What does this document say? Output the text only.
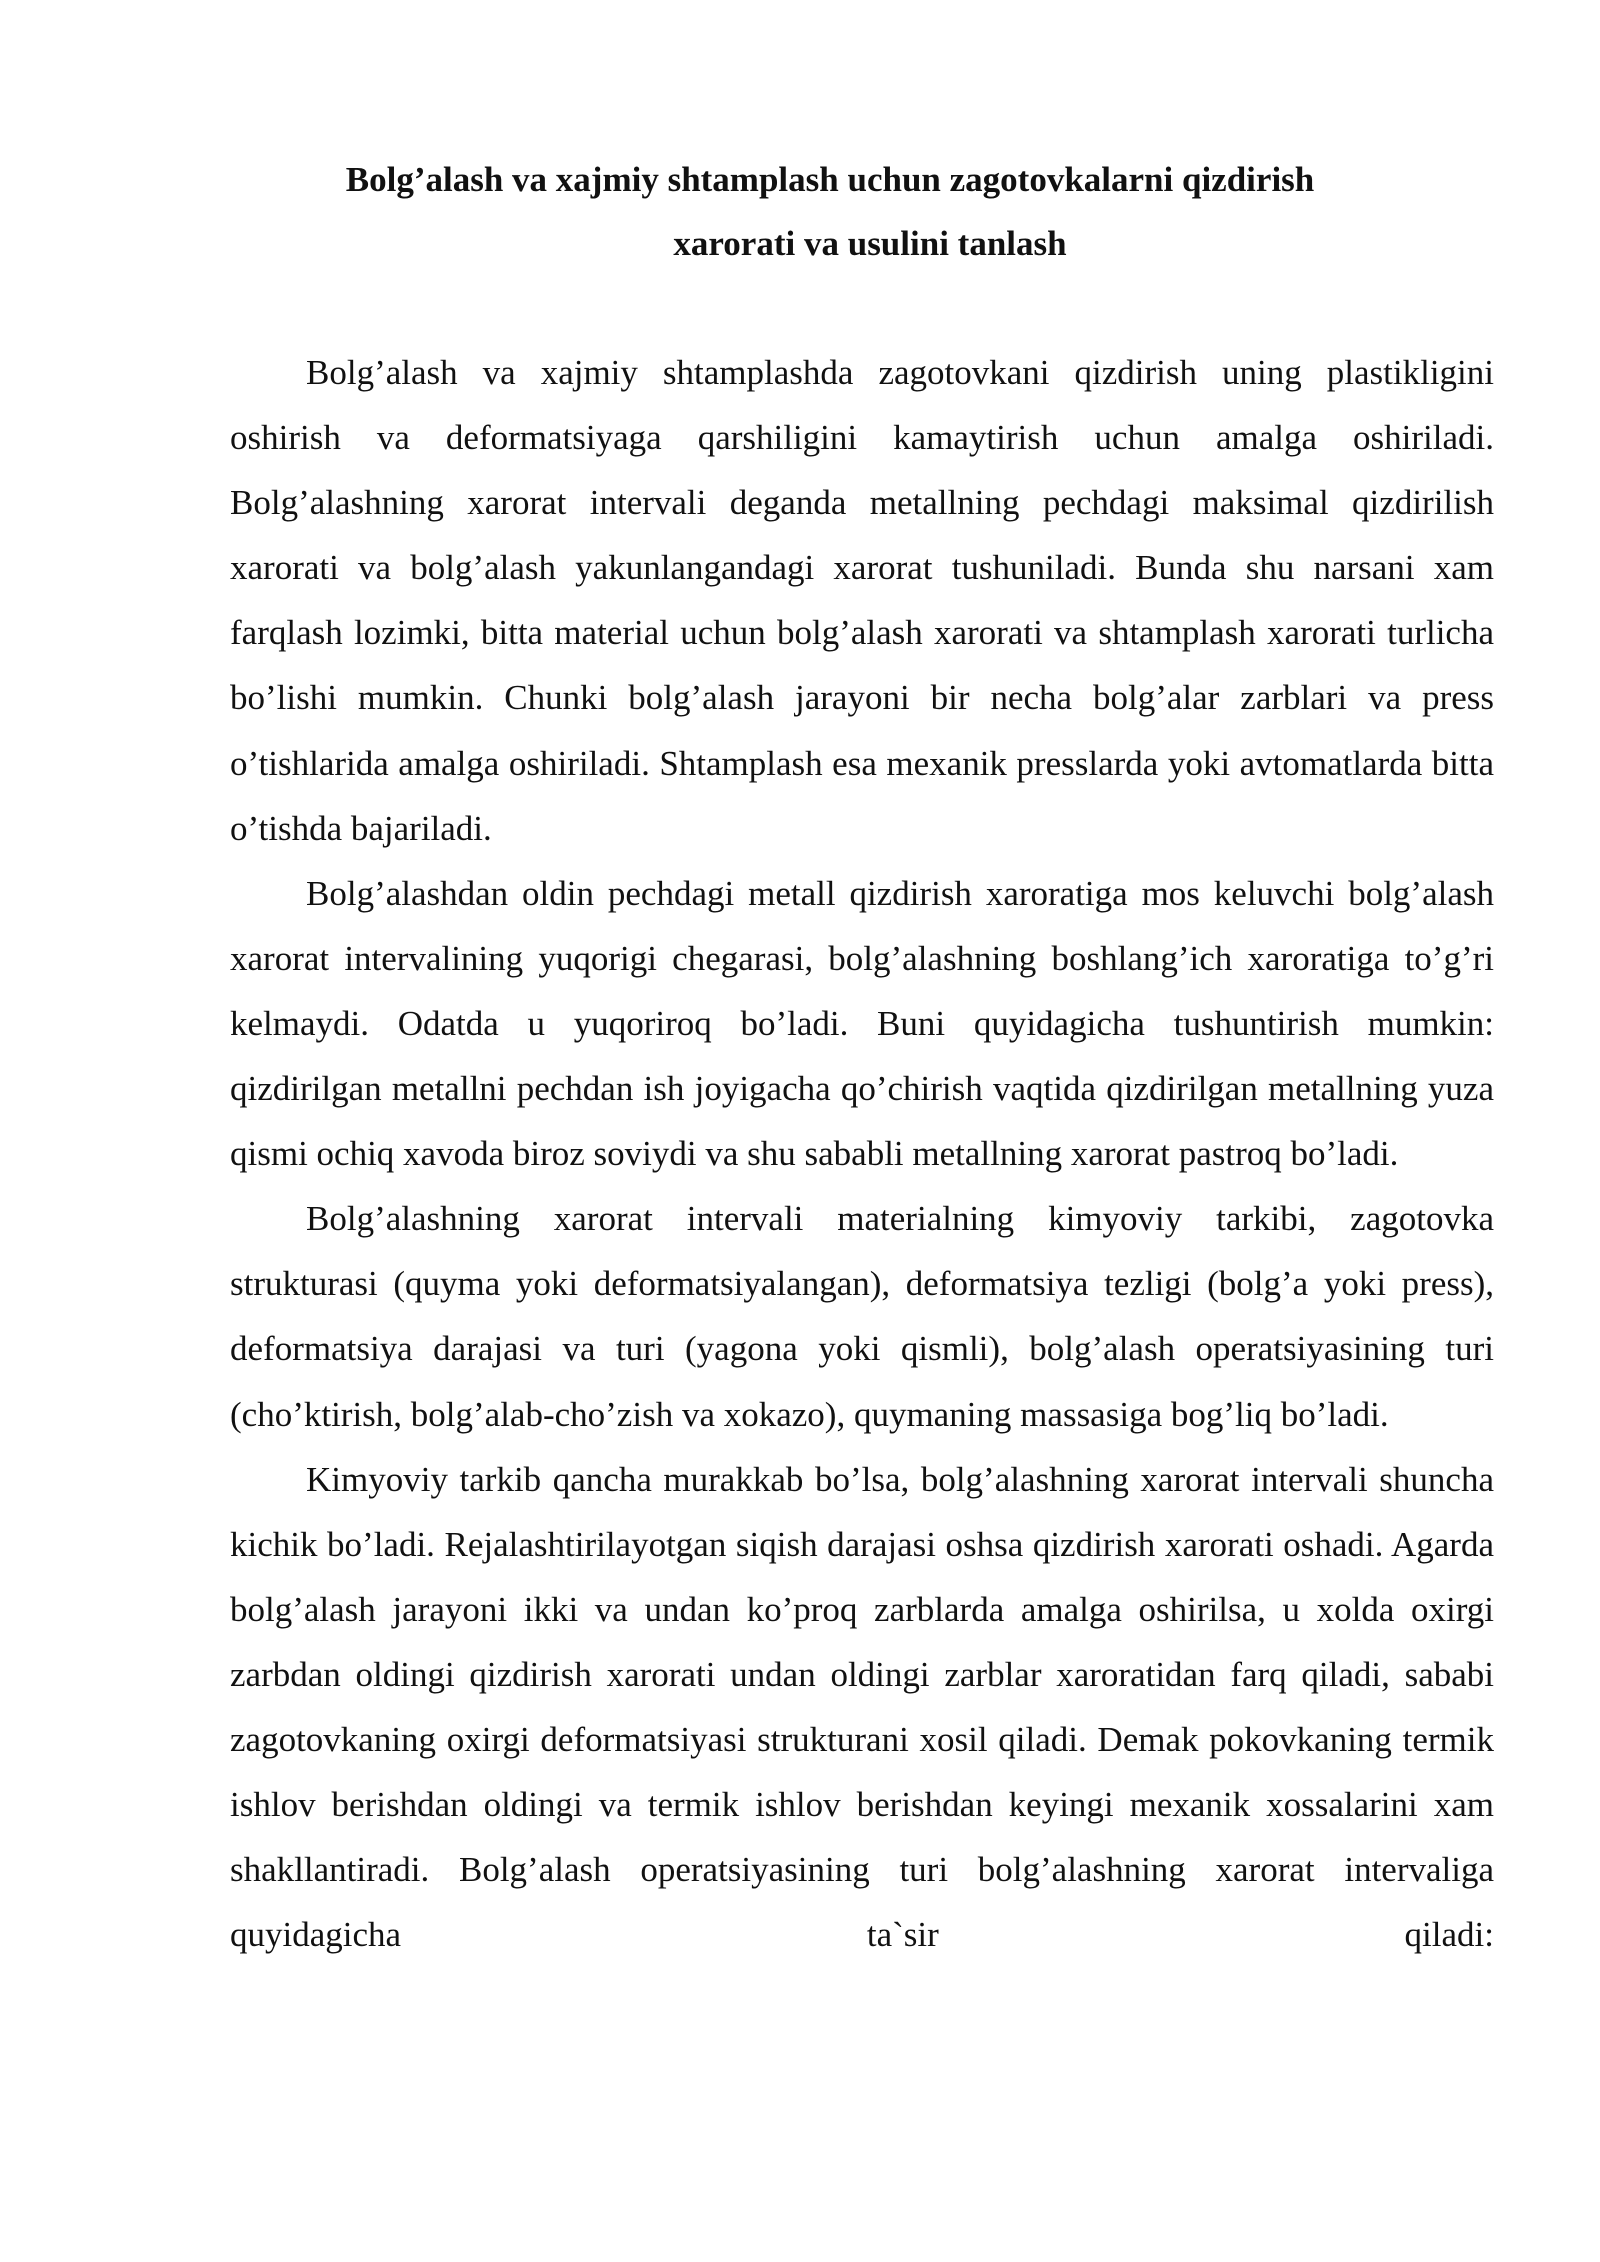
Bolg’alash va xajmiy shtamplash uchun zagotovkalarni qizdirish
xarorati va usulini tanlash

Bolg’alash va xajmiy shtamplashda zagotovkani qizdirish uning plastikligini oshirish va deformatsiyaga qarshiligini kamaytirish uchun amalga oshiriladi. Bolg’alashning xarorat intervali deganda metallning pechdagi maksimal qizdirilish xarorati va bolg’alash yakunlangandagi xarorat tushuniladi. Bunda shu narsani xam farqlash lozimki, bitta material uchun bolg’alash xarorati va shtamplash xarorati turlicha bo’lishi mumkin. Chunki bolg’alash jarayoni bir necha bolg’alar zarblari va press o’tishlarida amalga oshiriladi. Shtamplash esa mexanik presslarda yoki avtomatlarda bitta o’tishda bajariladi.

Bolg’alashdan oldin pechdagi metall qizdirish xaroratiga mos keluvchi bolg’alash xarorat intervalining yuqorigi chegarasi, bolg’alashning boshlang’ich xaroratiga to’g’ri kelmaydi. Odatda u yuqoriroq bo’ladi. Buni quyidagicha tushuntirish mumkin: qizdirilgan metallni pechdan ish joyigacha qo’chirish vaqtida qizdirilgan metallning yuza qismi ochiq xavoda biroz soviydi va shu sababli metallning xarorat pastroq bo’ladi.

Bolg’alashning xarorat intervali materialning kimyoviy tarkibi, zagotovka strukturasi (quyma yoki deformatsiyalangan), deformatsiya tezligi (bolg’a yoki press), deformatsiya darajasi va turi (yagona yoki qismli), bolg’alash operatsiyasining turi (cho’ktirish, bolg’alab-cho’zish va xokazo), quymaning massasiga bog’liq bo’ladi.

Kimyoviy tarkib qancha murakkab bo’lsa, bolg’alashning xarorat intervali shuncha kichik bo’ladi. Rejalashtirilayotgan siqish darajasi oshsa qizdirish xarorati oshadi. Agarda bolg’alash jarayoni ikki va undan ko’proq zarblarda amalga oshirilsa, u xolda oxirgi zarbdan oldingi qizdirish xarorati undan oldingi zarblar xaroratidan farq qiladi, sababi zagotovkaning oxirgi deformatsiyasi strukturani xosil qiladi. Demak pokovkaning termik ishlov berishdan oldingi va termik ishlov berishdan keyingi mexanik xossalarini xam shakllantiradi. Bolg’alash operatsiyasining turi bolg’alashning xarorat intervaliga quyidagicha ta`sir qiladi:
